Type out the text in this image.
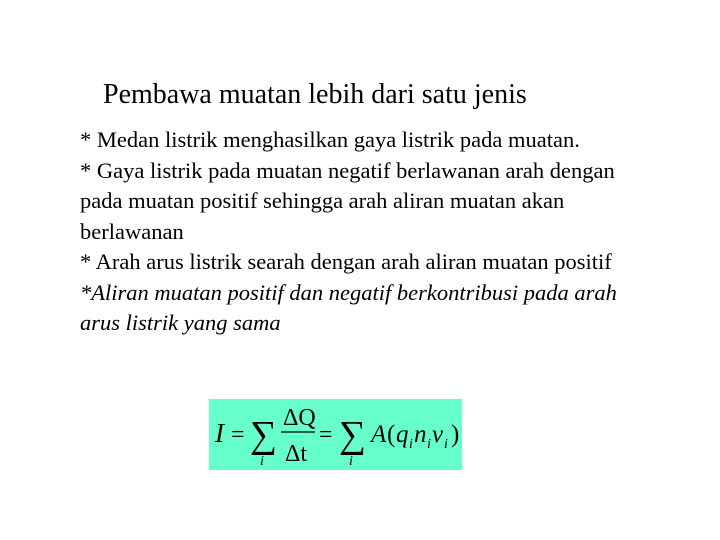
Pembawa muatan lebih dari satu jenis
* Medan listrik menghasilkan gaya listrik pada muatan.
* Gaya listrik pada muatan negatif berlawanan arah dengan pada muatan positif sehingga arah aliran muatan akan berlawanan
* Arah arus listrik searah dengan arah aliran muatan positif
*Aliran muatan positif dan negatif berkontribusi pada arah arus listrik yang sama
I = ∑
i
ΔQ
Δt
= ∑
i
A ( q i n i v i )
